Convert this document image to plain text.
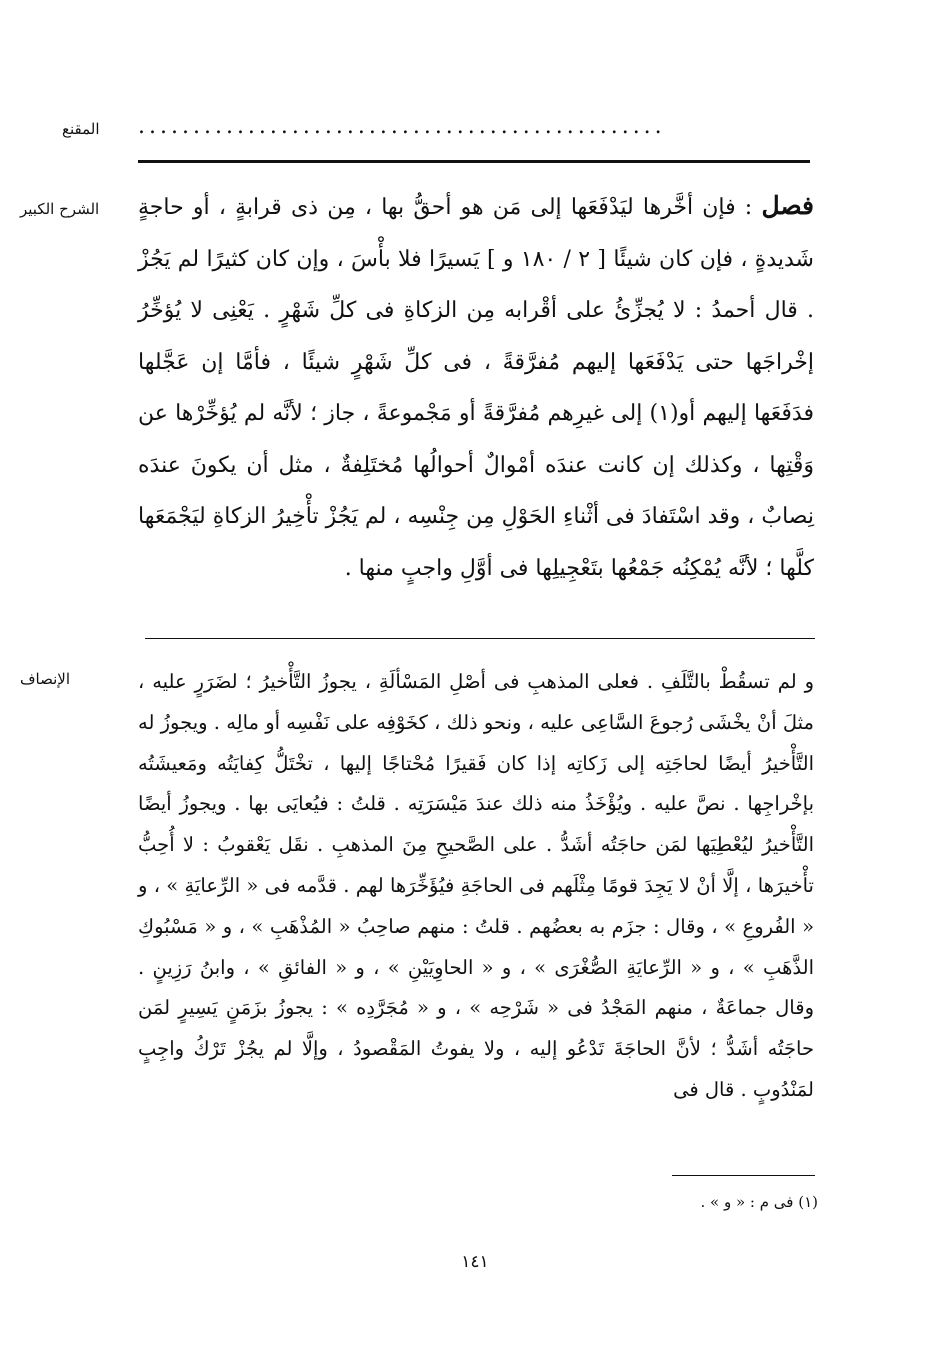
المقنع	................................................
الشرح الكبير	فصل : فإن أخَّرها ليَدْفَعَها إلى مَن هو أحقُّ بها ، مِن ذى قرابةٍ ، أو حاجةٍ شَديدةٍ ، فإن كان شيئًا [ ٢ / ١٨٠ و ] يَسيرًا فلا بأْسَ ، وإن كان كثيرًا لم يَجُزْ . قال أحمدُ : لا يُجزِّئُ على أقْرابه مِن الزكاةِ فى كلِّ شَهْرٍ . يَعْنِى لا يُؤخِّرُ إخْراجَها حتى يَدْفَعَها إليهم مُفرَّقةً ، فى كلِّ شَهْرٍ شيئًا ، فأمَّا إن عَجَّلها فدَفَعَها إليهم أو(١) إلى غيرِهم مُفرَّقةً أو مَجْموعةً ، جاز ؛ لأنَّه لم يُؤخِّرْها عن وَقْتِها ، وكذلك إن كانت عندَه أمْوالٌ أحوالُها مُختَلِفةٌ ، مثل أن يكونَ عندَه نِصابٌ ، وقد اسْتَفادَ فى أثْناءِ الحَوْلِ مِن جِنْسِه ، لم يَجُزْ تأْخِيرُ الزكاةِ ليَجْمَعَها كلَّها ؛ لأنَّه يُمْكِنُه جَمْعُها بتَعْجِيلِها فى أوَّلِ واجبٍ منها .

الإنصاف	و لم تسقُطْ بالتَّلَفِ . فعلى المذهبِ فى أصْلِ المَسْألَةِ ، يجوزُ التَّأْخيرُ ؛ لضَرَرٍ عليه ، مثلَ أنْ يخْشَى رُجوعَ السَّاعِى عليه ، ونحو ذلك ، كخَوْفِه على نَفْسِه أو مالِه . ويجوزُ له التَّأْخيرُ أيضًا لحاجَتِه إلى زَكاتِه إذا كان فَقيرًا مُحْتاجًا إليها ، تخْتَلُّ كِفايَتُه ومَعيشَتُه بإخْراجِها . نصَّ عليه . ويُؤْخَذُ منه ذلك عندَ مَيْسَرَتِه . قلتُ : فيُعايَى بها . ويجوزُ أيضًا التَّأْخيرُ ليُعْطِيَها لمَن حاجَتُه أشَدُّ . على الصَّحيحِ مِنَ المذهبِ . نقَل يَعْقوبُ : لا أُحِبُّ تأْخيرَها ، إلَّا أنْ لا يَجِدَ قومًا مِثْلَهم فى الحاجَةِ فيُؤَخِّرَها لهم . قدَّمه فى « الرِّعايَةِ » ، و « الفُروعِ » ، وقال : جزَم به بعضُهم . قلتُ : منهم صاحِبُ « المُذْهَبِ » ، و « مَسْبُوكِ الذَّهَبِ » ، و « الرِّعايَةِ الصُّغْرَى » ، و « الحاوِيَيْنِ » ، و « الفائقِ » ، وابنُ رَزِينٍ . وقال جماعَةٌ ، منهم المَجْدُ فى « شَرْحِه » ، و « مُجَرَّدِه » : يجوزُ بزَمَنٍ يَسِيرٍ لمَن حاجَتُه أشَدُّ ؛ لأنَّ الحاجَةَ تَدْعُو إليه ، ولا يفوتُ المَقْصودُ ، وإلَّا لم يجُزْ تَرْكُ واجِبٍ لمَنْدُوبٍ . قال فى

(١) فى م : « و » .
١٤١
